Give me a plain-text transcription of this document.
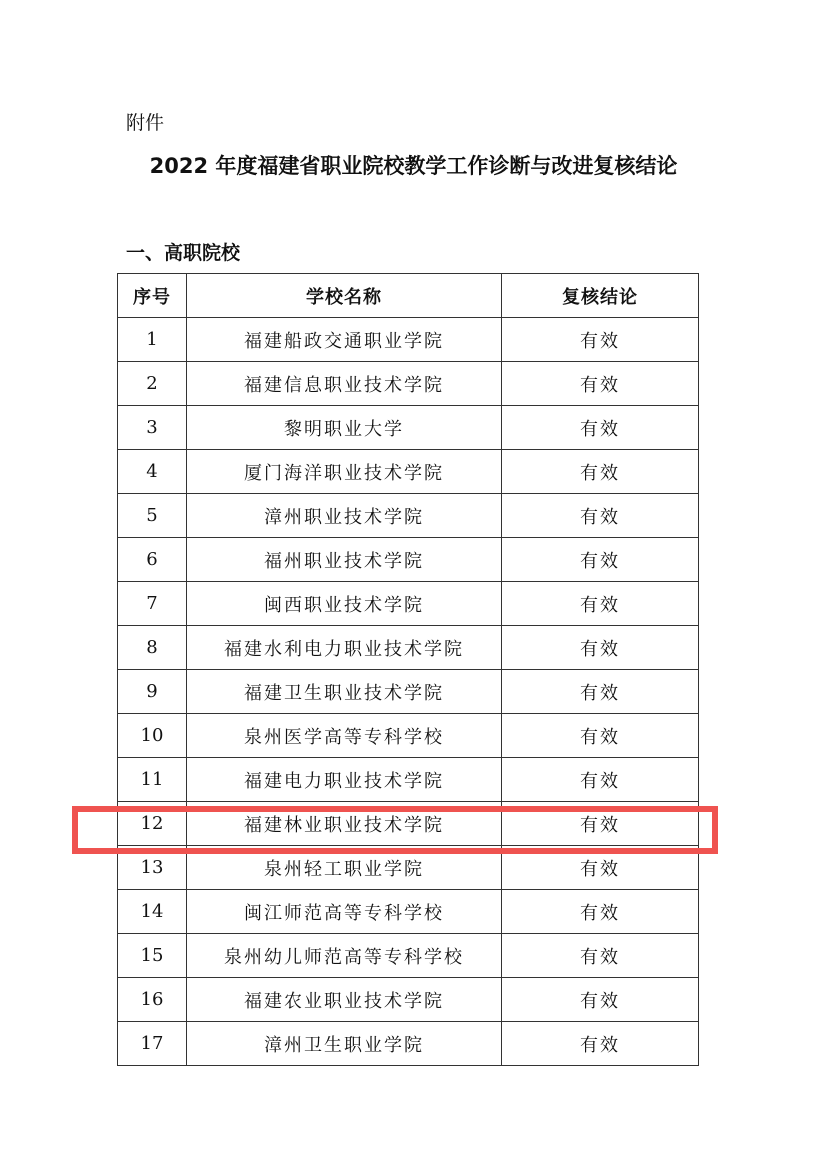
附件
2022 年度福建省职业院校教学工作诊断与改进复核结论
一、高职院校
序号	学校名称	复核结论
1	福建船政交通职业学院	有效
2	福建信息职业技术学院	有效
3	黎明职业大学	有效
4	厦门海洋职业技术学院	有效
5	漳州职业技术学院	有效
6	福州职业技术学院	有效
7	闽西职业技术学院	有效
8	福建水利电力职业技术学院	有效
9	福建卫生职业技术学院	有效
10	泉州医学高等专科学校	有效
11	福建电力职业技术学院	有效
12	福建林业职业技术学院	有效
13	泉州轻工职业学院	有效
14	闽江师范高等专科学校	有效
15	泉州幼儿师范高等专科学校	有效
16	福建农业职业技术学院	有效
17	漳州卫生职业学院	有效
